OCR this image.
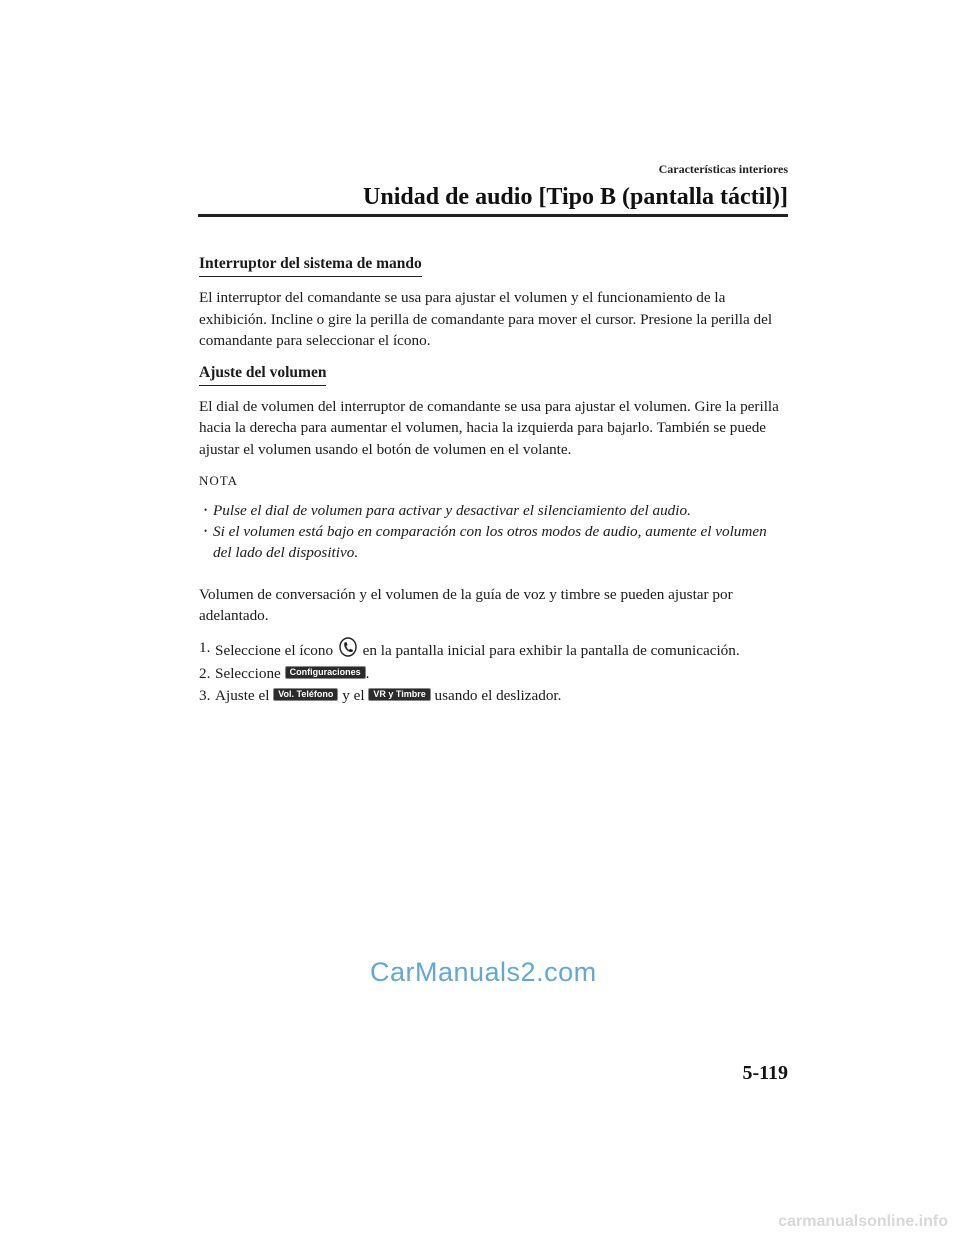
Características interiores
Unidad de audio [Tipo B (pantalla táctil)]
Interruptor del sistema de mando

El interruptor del comandante se usa para ajustar el volumen y el funcionamiento de la exhibición. Incline o gire la perilla de comandante para mover el cursor. Presione la perilla del comandante para seleccionar el ícono.

Ajuste del volumen

El dial de volumen del interruptor de comandante se usa para ajustar el volumen. Gire la perilla hacia la derecha para aumentar el volumen, hacia la izquierda para bajarlo. También se puede ajustar el volumen usando el botón de volumen en el volante.

NOTA
• Pulse el dial de volumen para activar y desactivar el silenciamiento del audio.
• Si el volumen está bajo en comparación con los otros modos de audio, aumente el volumen del lado del dispositivo.

Volumen de conversación y el volumen de la guía de voz y timbre se pueden ajustar por adelantado.

1. Seleccione el ícono en la pantalla inicial para exhibir la pantalla de comunicación.
2. Seleccione Configuraciones .
3. Ajuste el Vol. Teléfono y el VR y Timbre usando el deslizador.
CarManuals2.com
5-119
carmanualsonline.info
